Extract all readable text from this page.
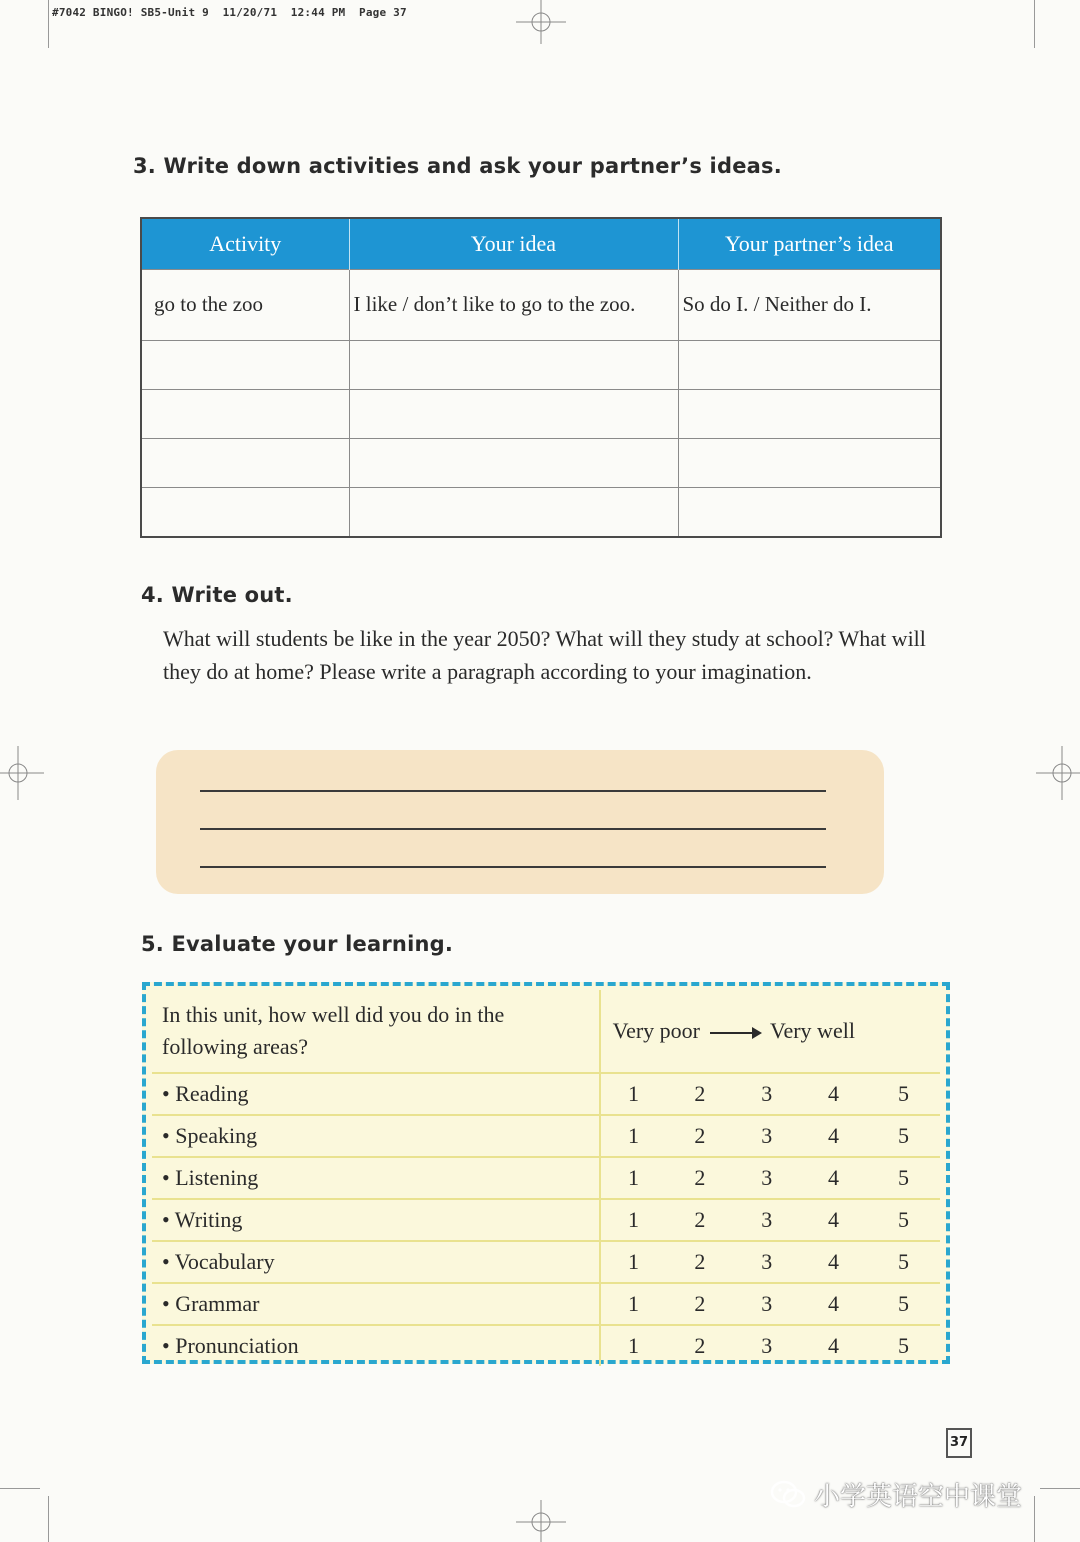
#7042 BINGO! SB5-Unit 9  11/20/71  12:44 PM  Page 37
3. Write down activities and ask your partner’s ideas.
Activity	Your idea	Your partner’s idea
go to the zoo	I like / don’t like to go to the zoo.	So do I. / Neither do I.

4. Write out.
What will students be like in the year 2050? What will they study at school? What will they do at home? Please write a paragraph according to your imagination.
5. Evaluate your learning.
In this unit, how well did you do in the following areas?	Very poor Very well				
• Reading	1	2	3	4	5
• Speaking	1	2	3	4	5
• Listening	1	2	3	4	5
• Writing	1	2	3	4	5
• Vocabulary	1	2	3	4	5
• Grammar	1	2	3	4	5
• Pronunciation	1	2	3	4	5
37
小学英语空中课堂
